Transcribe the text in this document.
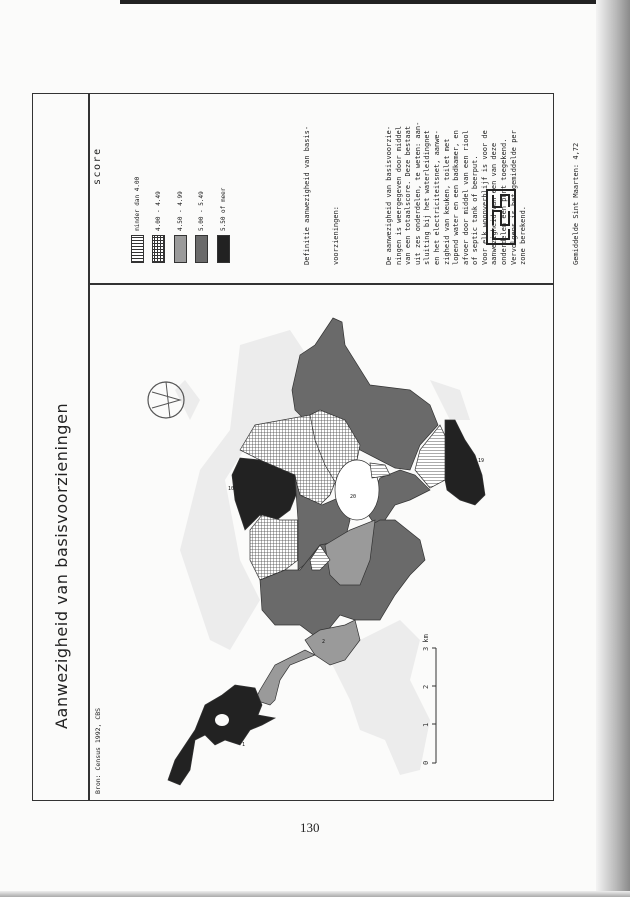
Aanwezigheid van basisvoorzieningen
score
minder dan 4.00 4.00 - 4.49	4.50 - 4.99 5.00 - 5.49	5.50 of meer

	Definitie aanwezigheid van basis-

	voorzieningen:

	De aanwezigheid van basisvoorzie- ningen is weergegeven door middel van een totaalscore. Deze bestaat uit zes onderdelen, te weten: aan- sluiting bij het waterleidingnet en het electriciteitsnet, aanwe- zigheid van keuken, toilet met lopend water en een badkamer, en afvoer door middel van een riool of septic tank of beerput. Voor elk woonverblijf is voor de aanwezigheid van een van deze onderdelen een punt toegekend. Vervolgens is het gemiddelde per zone berekend.

	Gemiddelde Sint Maarten: 4,72

1
2
10
20
19
0
1
2
3 km
Bron: Census 1992, CBS
130
